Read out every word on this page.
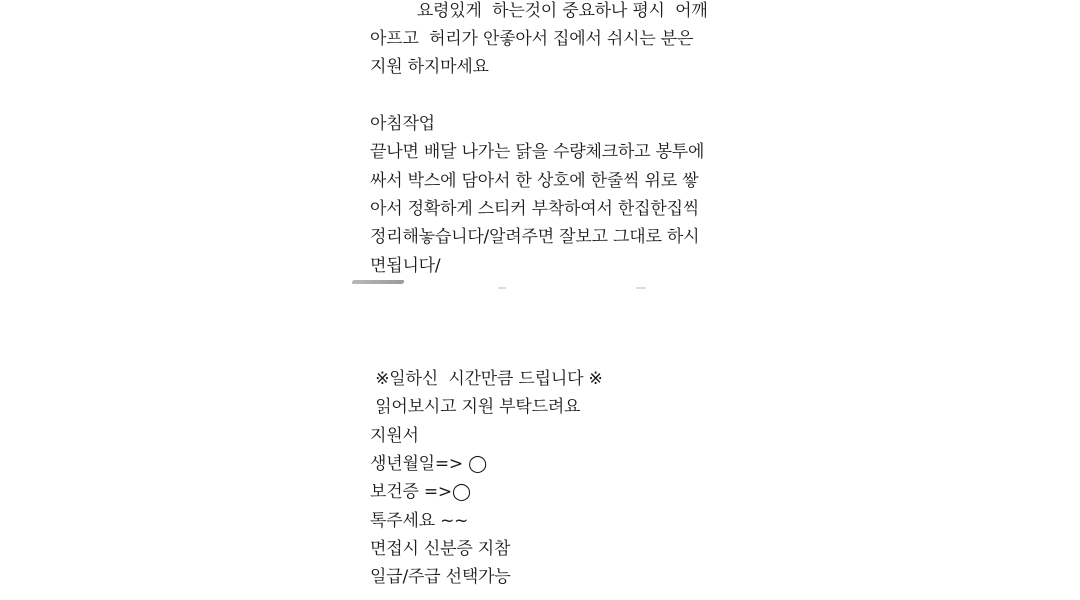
요령있게  하는것이 중요하나 평시  어깨
아프고  허리가 안좋아서 집에서 쉬시는 분은
지원 하지마세요
아침작업
끝나면 배달 나가는 닭을 수량체크하고 봉투에
싸서 박스에 담아서 한 상호에 한줄씩 위로 쌓
아서 정확하게 스티커 부착하여서 한집한집씩
정리해놓습니다/알려주면 잘보고 그대로 하시
면됩니다/
※일하신  시간만큼 드립니다 ※
읽어보시고 지원 부탁드려요
지원서
생년월일=> ◯
보건증 =>◯
톡주세요 ~~
면접시 신분증 지참
일급/주급 선택가능
